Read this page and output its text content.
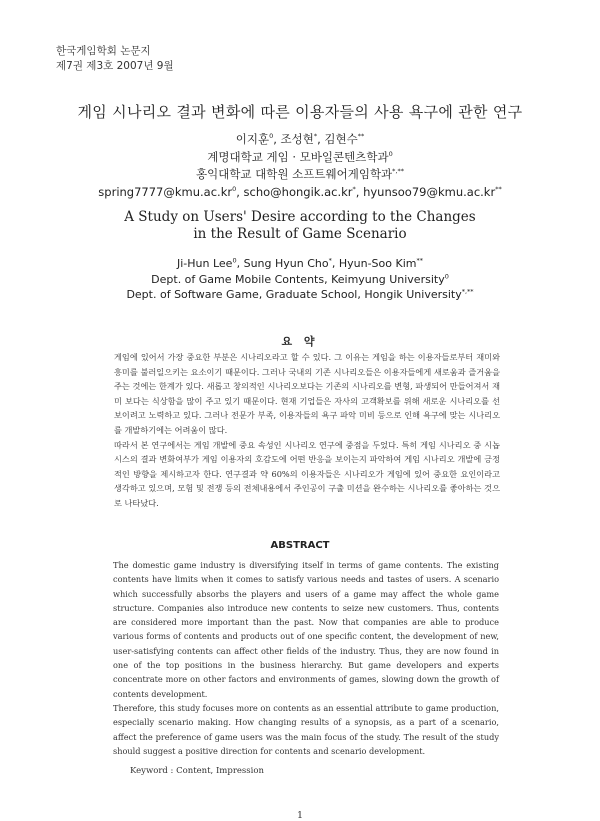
한국게임학회 논문지
제7권 제3호 2007년 9월
게임 시나리오 결과 변화에 따른 이용자들의 사용 욕구에 관한 연구
이지훈$^0$, 조성현*, 김현수**
계명대학교 게임 · 모바일콘텐츠학과$^0$
홍익대학교 대학원 소프트웨어게임학과*,**
$spring7777@kmu.ac.kr^0$, scho@hongik.ac.kr*, hyunsoo79@kmu.ac.kr**
A Study on Users' Desire according to the Changes
in the Result of Game Scenario
Ji-Hun Lee$^0$, Sung Hyun Cho*, Hyun-Soo Kim**
Dept. of Game Mobile Contents, Keimyung University$^0$
Dept. of Software Game, Graduate School, Hongik University*,**
요 약

게임에 있어서 가장 중요한 부분은 시나리오라고 할 수 있다. 그 이유는 게임을 하는 이용자들로부터 재미와 흥미를 불러일으키는 요소이기 때문이다. 그러나 국내의 기존 시나리오들은 이용자들에게 새로움과 즐거움을 주는 것에는 한계가 있다. 새롭고 창의적인 시나리오보다는 기존의 시나리오를 변형, 파생되어 만들어져서 재미 보다는 식상함을 많이 주고 있기 때문이다. 현재 기업들은 자사의 고객확보를 위해 새로운 시나리오를 선보이려고 노력하고 있다. 그러나 전문가 부족, 이용자들의 욕구 파악 미비 등으로 인해 욕구에 맞는 시나리오를 개발하기에는 어려움이 많다.

따라서 본 연구에서는 게임 개발에 중요 속성인 시나리오 연구에 중점을 두었다. 특히 게임 시나리오 중 시놉시스의 결과 변화여부가 게임 이용자의 호감도에 어떤 반응을 보이는지 파악하여 게임 시나리오 개발에 긍정적인 방향을 제시하고자 한다. 연구결과 약 60%의 이용자들은 시나리오가 게임에 있어 중요한 요인이라고 생각하고 있으며, 모험 및 전쟁 등의 전체내용에서 주인공이 구출 미션을 완수하는 시나리오를 좋아하는 것으로 나타났다.

ABSTRACT

The domestic game industry is diversifying itself in terms of game contents. The existing contents have limits when it comes to satisfy various needs and tastes of users. A scenario which successfully absorbs the players and users of a game may affect the whole game structure. Companies also introduce new contents to seize new customers. Thus, contents are considered more important than the past. Now that companies are able to produce various forms of contents and products out of one specific content, the development of new, user-satisfying contents can affect other fields of the industry. Thus, they are now found in one of the top positions in the business hierarchy. But game developers and experts concentrate more on other factors and environments of games, slowing down the growth of contents development.

Therefore, this study focuses more on contents as an essential attribute to game production, especially scenario making. How changing results of a synopsis, as a part of a scenario, affect the preference of game users was the main focus of the study. The result of the study should suggest a positive direction for contents and scenario development.

Keyword : Content, Impression
1
